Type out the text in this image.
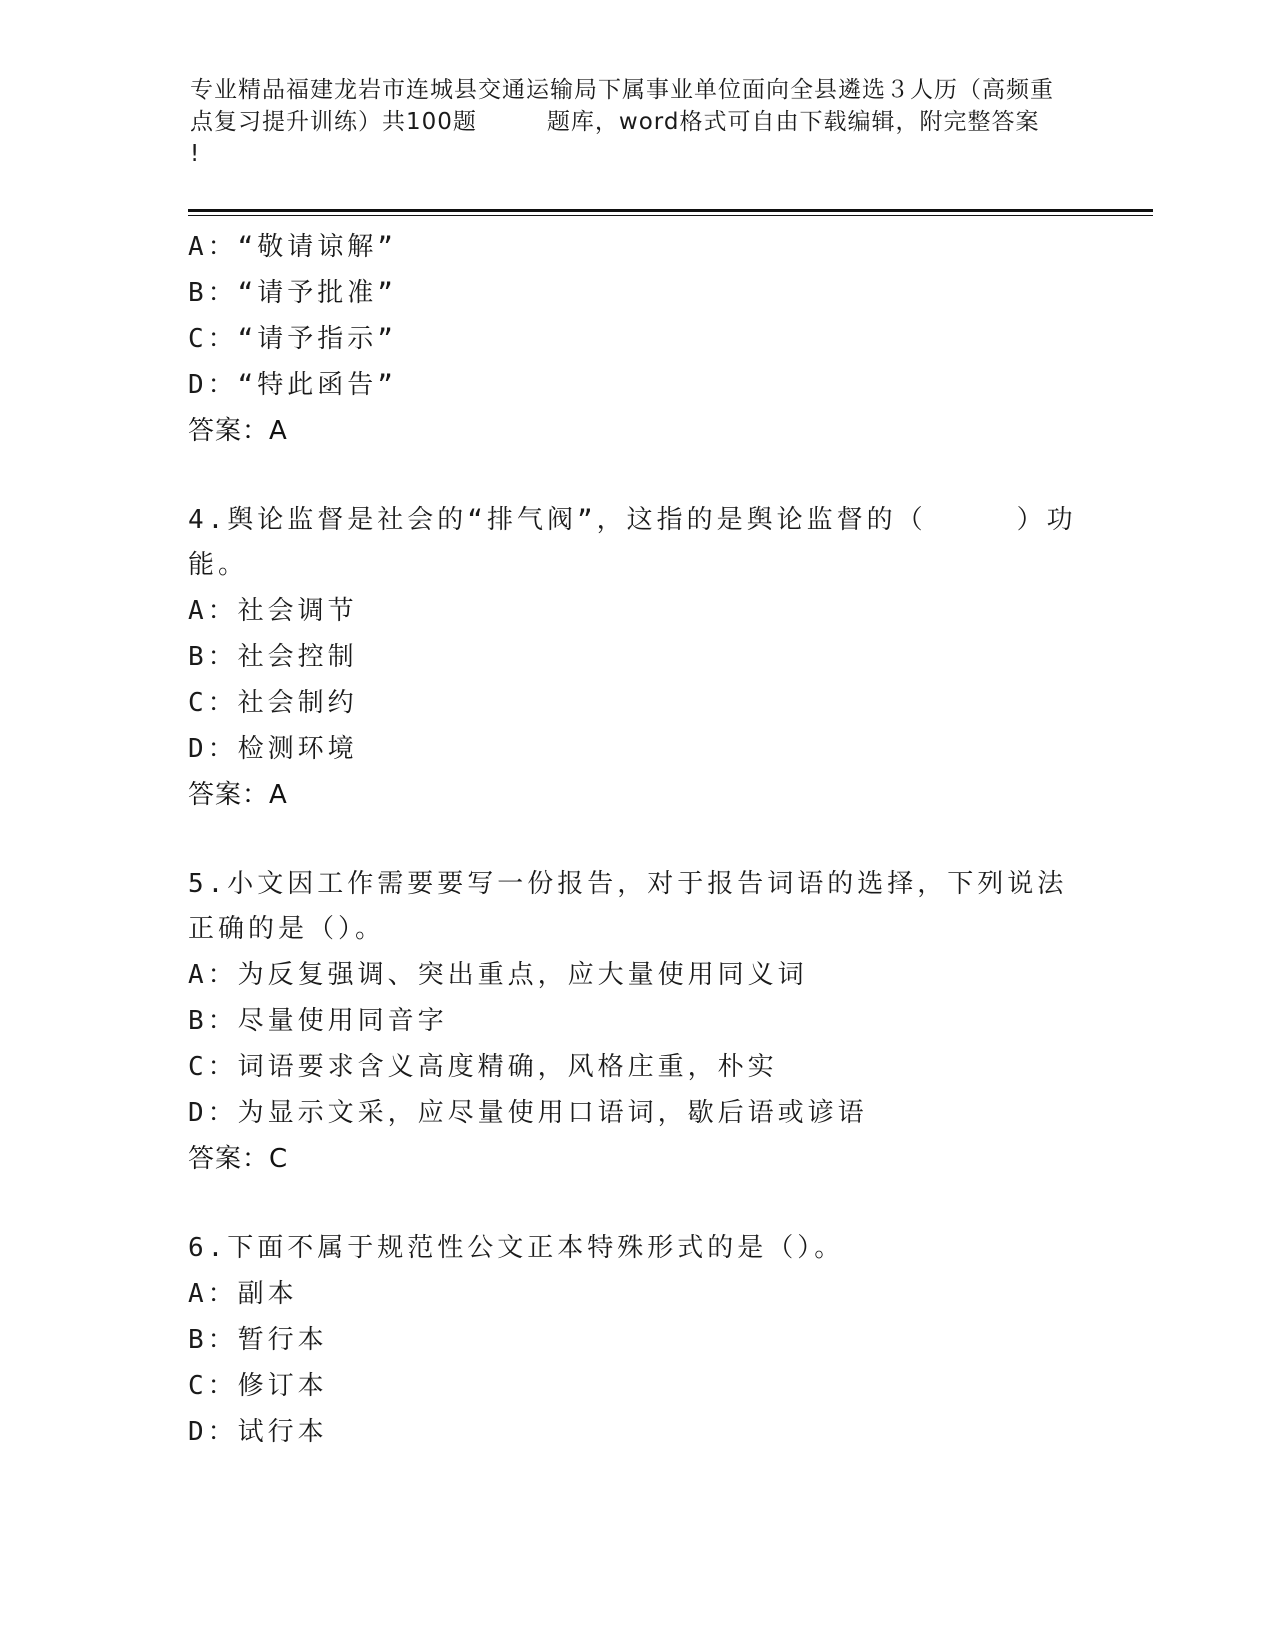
专业精品福建龙岩市连城县交通运输局下属事业单位面向全县遴选３人历（高频重
点复习提升训练）共100题	题库，word格式可自由下载编辑，附完整答案
!
A：“敬请谅解”
B：“请予批准”
C：“请予指示”
D：“特此函告”
答案：A
4.舆论监督是社会的“排气阀”，这指的是舆论监督的（　　　）功能。
A：社会调节
B：社会控制
C：社会制约
D：检测环境
答案：A
5.小文因工作需要要写一份报告，对于报告词语的选择，下列说法正确的是（）。
A：为反复强调、突出重点，应大量使用同义词
B：尽量使用同音字
C：词语要求含义高度精确，风格庄重，朴实
D：为显示文采，应尽量使用口语词，歇后语或谚语
答案：C
6.下面不属于规范性公文正本特殊形式的是（）。
A：副本
B：暂行本
C：修订本
D：试行本
